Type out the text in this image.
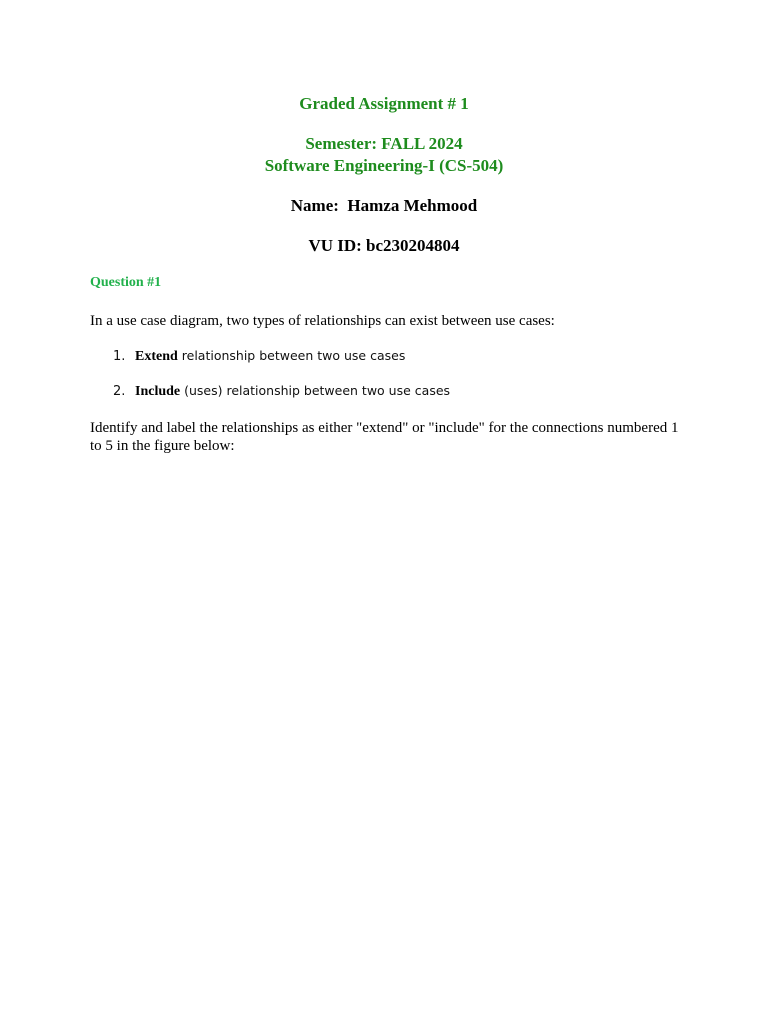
Graded Assignment # 1
Semester: FALL 2024
Software Engineering-I (CS-504)
Name:  Hamza Mehmood
VU ID: bc230204804
Question #1
In a use case diagram, two types of relationships can exist between use cases:
1. Extend relationship between two use cases
2. Include (uses) relationship between two use cases
Identify and label the relationships as either "extend" or "include" for the connections numbered 1 to 5 in the figure below:
